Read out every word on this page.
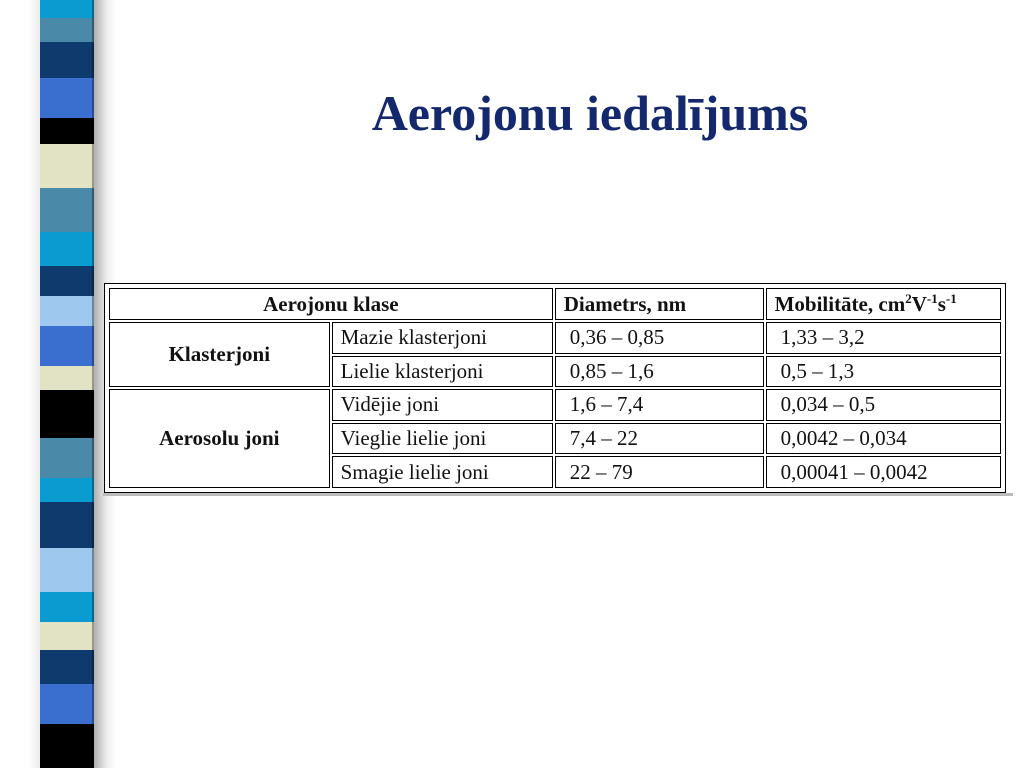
Aerojonu iedalījums
Aerojonu klase		Diametrs, nm	Mobilitāte, $cm^2V^{-1}s^{-1}$
Klasterjoni	Mazie klasterjoni	0,36 – 0,85	1,33 – 3,2
	Lielie klasterjoni	0,85 – 1,6	0,5 – 1,3
Aerosolu joni	Vidējie joni	1,6 – 7,4	0,034 – 0,5
	Vieglie lielie joni	7,4 – 22	0,0042 – 0,034
	Smagie lielie joni	22 – 79	0,00041 – 0,0042
